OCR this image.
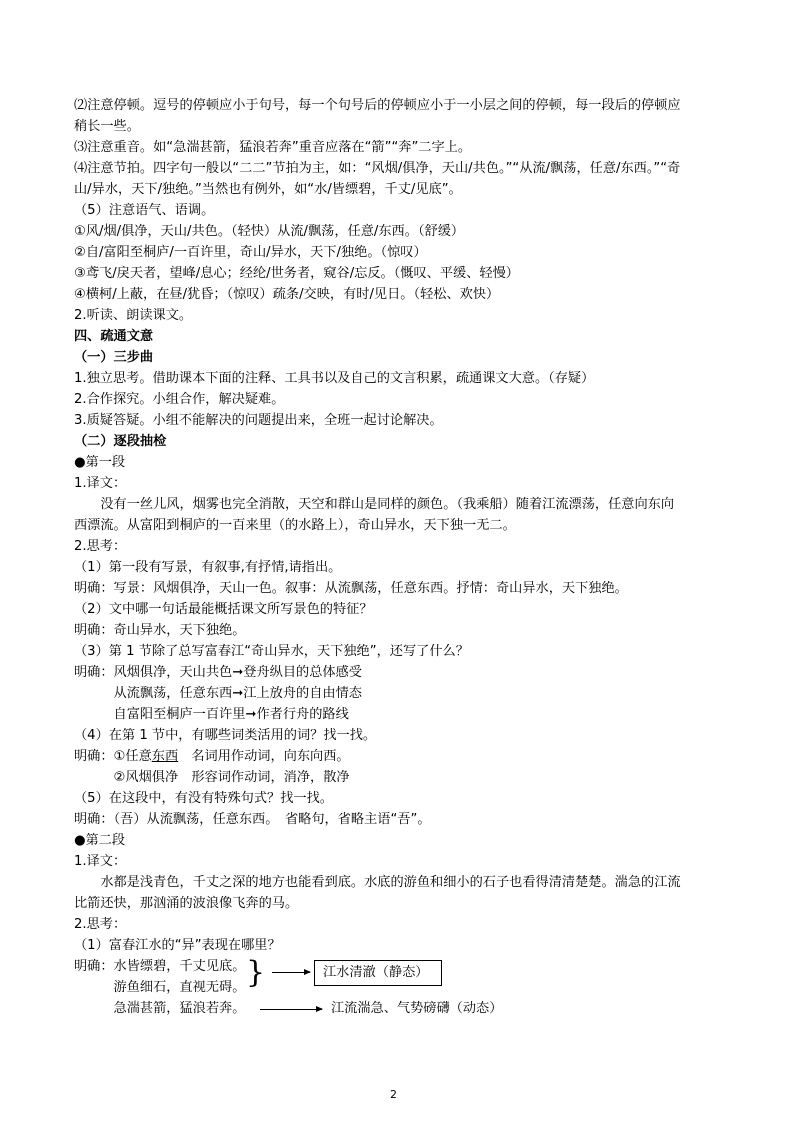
⑵注意停顿。逗号的停顿应小于句号，每一个句号后的停顿应小于一小层之间的停顿，每一段后的停顿应
稍长一些。
⑶注意重音。如“急湍甚箭，猛浪若奔”重音应落在“箭”“奔”二字上。
⑷注意节拍。四字句一般以“二二”节拍为主，如：“风烟/俱净，天山/共色。”“从流/飘荡，任意/东西。”“奇
山/异水，天下/独绝。”当然也有例外，如“水/皆缥碧，千丈/见底”。
（5）注意语气、语调。
①风/烟/俱净，天山/共色。（轻快）从流/飘荡，任意/东西。（舒缓）
②自/富阳至桐庐/一百许里，奇山/异水，天下/独绝。（惊叹）
③鸢飞/戾天者，望峰/息心；经纶/世务者，窥谷/忘反。（慨叹、平缓、轻慢）
④横柯/上蔽，在昼/犹昏；（惊叹）疏条/交映，有时/见日。（轻松、欢快）
2.听读、朗读课文。
四、疏通文意
（一）三步曲
1.独立思考。借助课本下面的注释、工具书以及自己的文言积累，疏通课文大意。（存疑）
2.合作探究。小组合作，解决疑难。
3.质疑答疑。小组不能解决的问题提出来，全班一起讨论解决。
（二）逐段抽检
●第一段
1.译文：
　　没有一丝儿风，烟雾也完全消散，天空和群山是同样的颜色。（我乘船）随着江流漂荡，任意向东向
西漂流。从富阳到桐庐的一百来里（的水路上），奇山异水，天下独一无二。
2.思考：
（1）第一段有写景，有叙事,有抒情,请指出。
明确：写景：风烟俱净，天山一色。叙事：从流飘荡，任意东西。抒情：奇山异水，天下独绝。
（2）文中哪一句话最能概括课文所写景色的特征？
明确：奇山异水，天下独绝。
（3）第 1 节除了总写富春江“奇山异水，天下独绝”，还写了什么？
明确：风烟俱净，天山共色➞登舟纵目的总体感受
　　　从流飘荡，任意东西➞江上放舟的自由情态
　　　自富阳至桐庐一百许里➞作者行舟的路线
（4）在第 1 节中，有哪些词类活用的词？找一找。
明确：①任意东西　名词用作动词，向东向西。
　　　②风烟俱净　形容词作动词，消净，散净
（5）在这段中，有没有特殊句式？找一找。
明确：（吾）从流飘荡，任意东西。　省略句，省略主语“吾”。
●第二段
1.译文：
　　水都是浅青色，千丈之深的地方也能看到底。水底的游鱼和细小的石子也看得清清楚楚。湍急的江流
比箭还快，那汹涌的波浪像飞奔的马。
2.思考：
（1）富春江水的“异”表现在哪里？
明确：水皆缥碧，千丈见底。
　　　游鱼细石，直视无碍。
　　　急湍甚箭，猛浪若奔。
}	江水清澈（静态）
江流湍急、气势磅礴（动态）
2
